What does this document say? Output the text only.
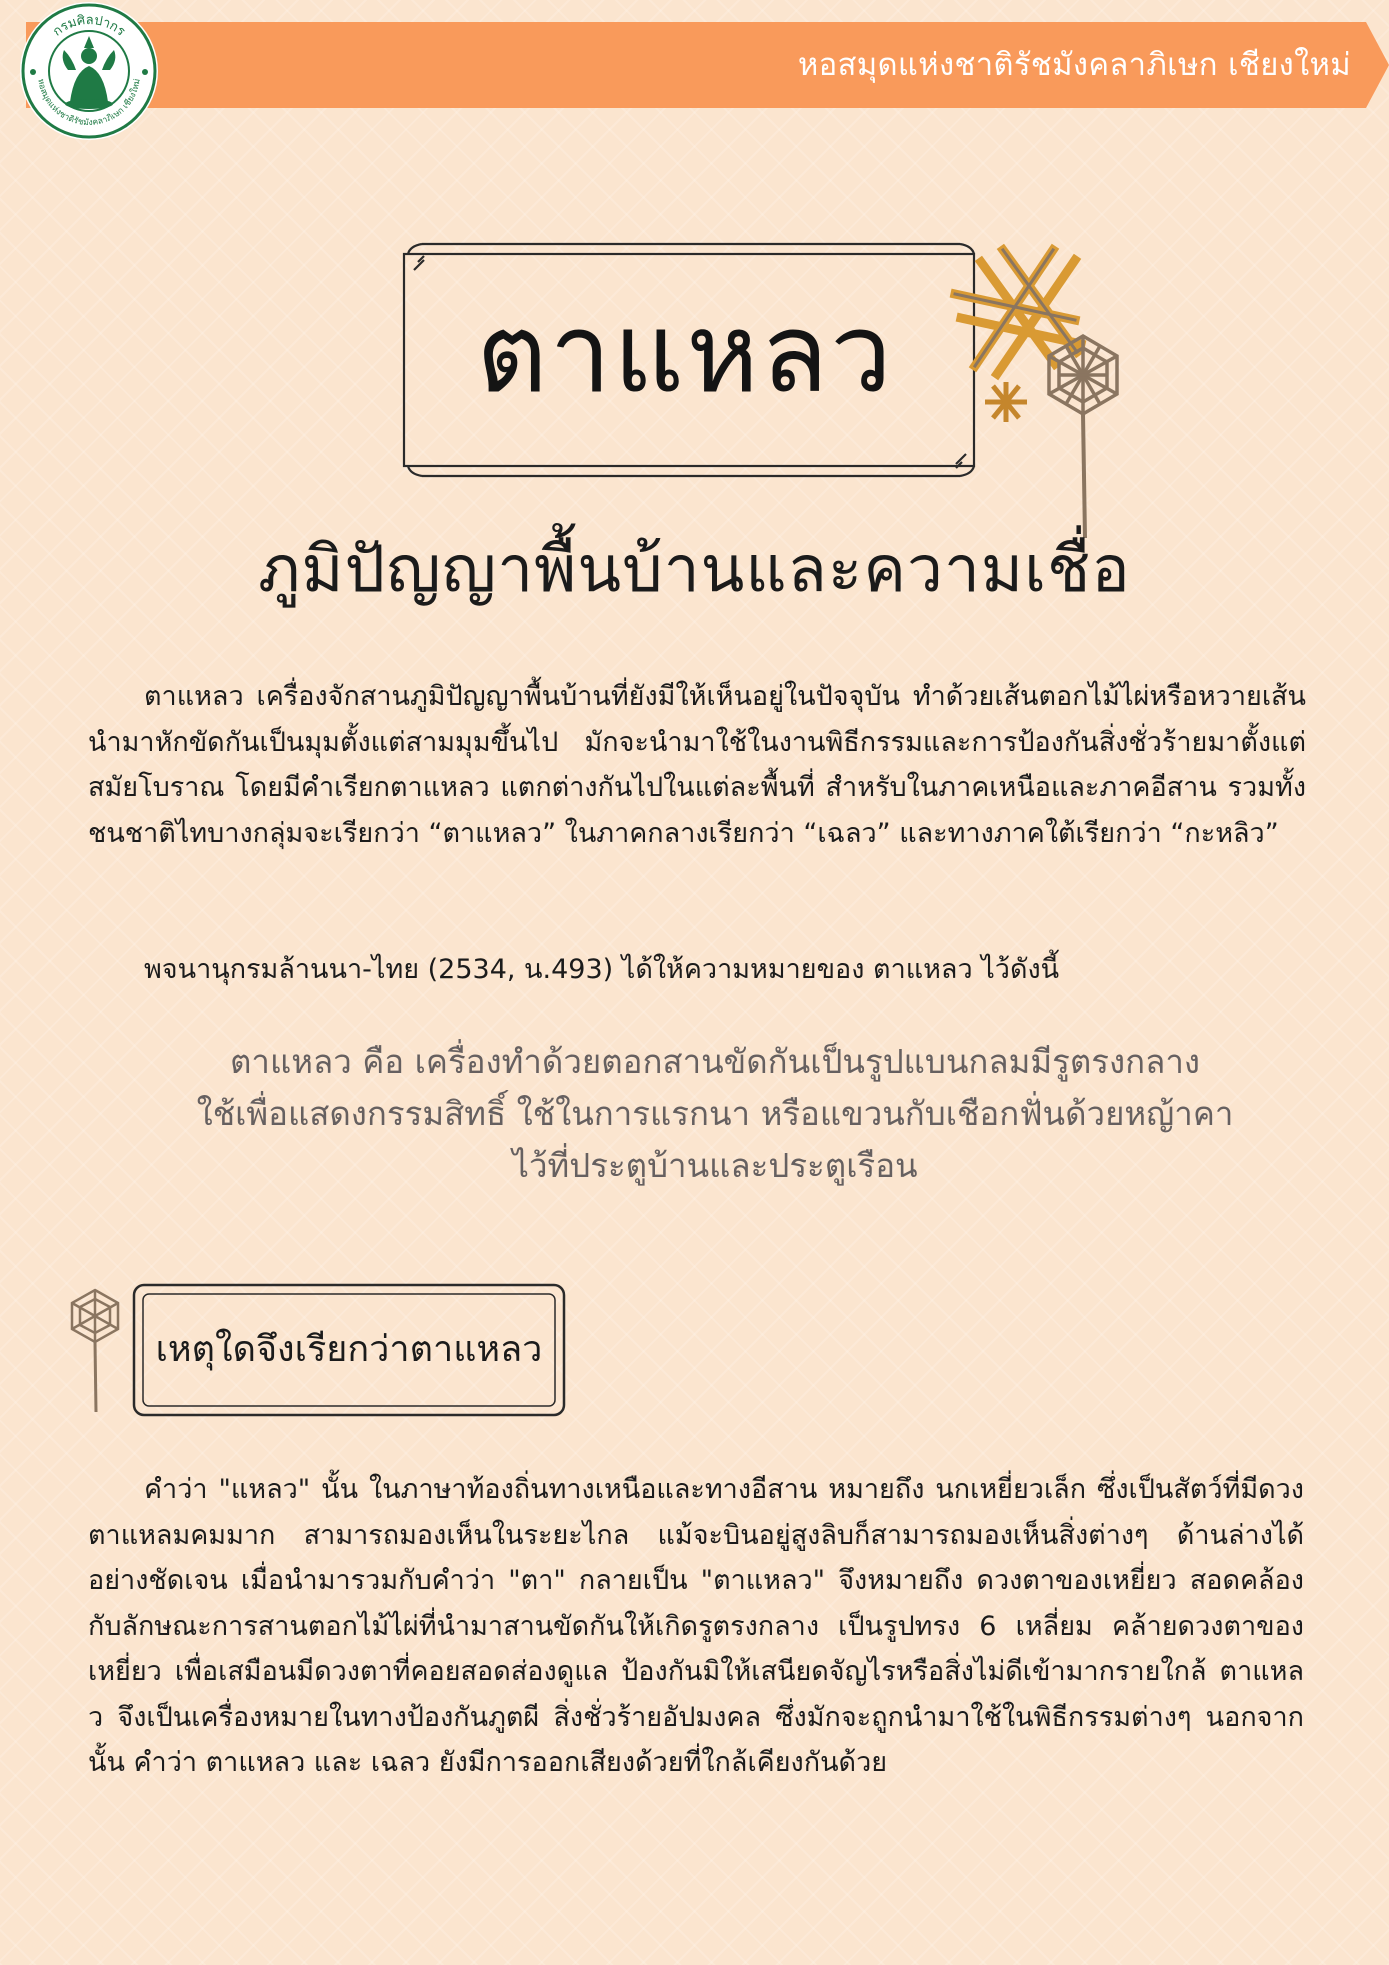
หอสมุดแห่งชาติรัชมังคลาภิเษก เชียงใหม่
กรมศิลปากร
หอสมุดแห่งชาติรัชมังคลาภิเษก เชียงใหม่
ตาแหลว
ภูมิปัญญาพื้นบ้านและความเชื่อ

ตาแหลว เครื่องจักสานภูมิปัญญาพื้นบ้านที่ยังมีให้เห็นอยู่ในปัจจุบัน ทำด้วยเส้นตอกไม้ไผ่หรือหวายเส้นนำมาหักขัดกันเป็นมุมตั้งแต่สามมุมขึ้นไป มักจะนำมาใช้ในงานพิธีกรรมและการป้องกันสิ่งชั่วร้ายมาตั้งแต่สมัยโบราณ โดยมีคำเรียกตาแหลว แตกต่างกันไปในแต่ละพื้นที่ สำหรับในภาคเหนือและภาคอีสาน รวมทั้งชนชาติไทบางกลุ่มจะเรียกว่า “ตาแหลว” ในภาคกลางเรียกว่า “เฉลว” และทางภาคใต้เรียกว่า “กะหลิว”

พจนานุกรมล้านนา-ไทย (2534, น.493) ได้ให้ความหมายของ ตาแหลว ไว้ดังนี้

ตาแหลว คือ เครื่องทำด้วยตอกสานขัดกันเป็นรูปแบนกลมมีรูตรงกลาง
ใช้เพื่อแสดงกรรมสิทธิ์ ใช้ในการแรกนา หรือแขวนกับเชือกฟั่นด้วยหญ้าคา
ไว้ที่ประตูบ้านและประตูเรือน
เหตุใดจึงเรียกว่าตาแหลว

คำว่า "แหลว" นั้น ในภาษาท้องถิ่นทางเหนือและทางอีสาน หมายถึง นกเหยี่ยวเล็ก ซึ่งเป็นสัตว์ที่มีดวงตาแหลมคมมาก สามารถมองเห็นในระยะไกล แม้จะบินอยู่สูงลิบก็สามารถมองเห็นสิ่งต่างๆ ด้านล่างได้อย่างชัดเจน เมื่อนำมารวมกับคำว่า "ตา" กลายเป็น "ตาแหลว" จึงหมายถึง ดวงตาของเหยี่ยว สอดคล้องกับลักษณะการสานตอกไม้ไผ่ที่นำมาสานขัดกันให้เกิดรูตรงกลาง เป็นรูปทรง 6 เหลี่ยม คล้ายดวงตาของเหยี่ยว เพื่อเสมือนมีดวงตาที่คอยสอดส่องดูแล ป้องกันมิให้เสนียดจัญไรหรือสิ่งไม่ดีเข้ามากรายใกล้ ตาแหลว จึงเป็นเครื่องหมายในทางป้องกันภูตผี สิ่งชั่วร้ายอัปมงคล ซึ่งมักจะถูกนำมาใช้ในพิธีกรรมต่างๆ นอกจากนั้น คำว่า ตาแหลว และ เฉลว ยังมีการออกเสียงด้วยที่ใกล้เคียงกันด้วย
